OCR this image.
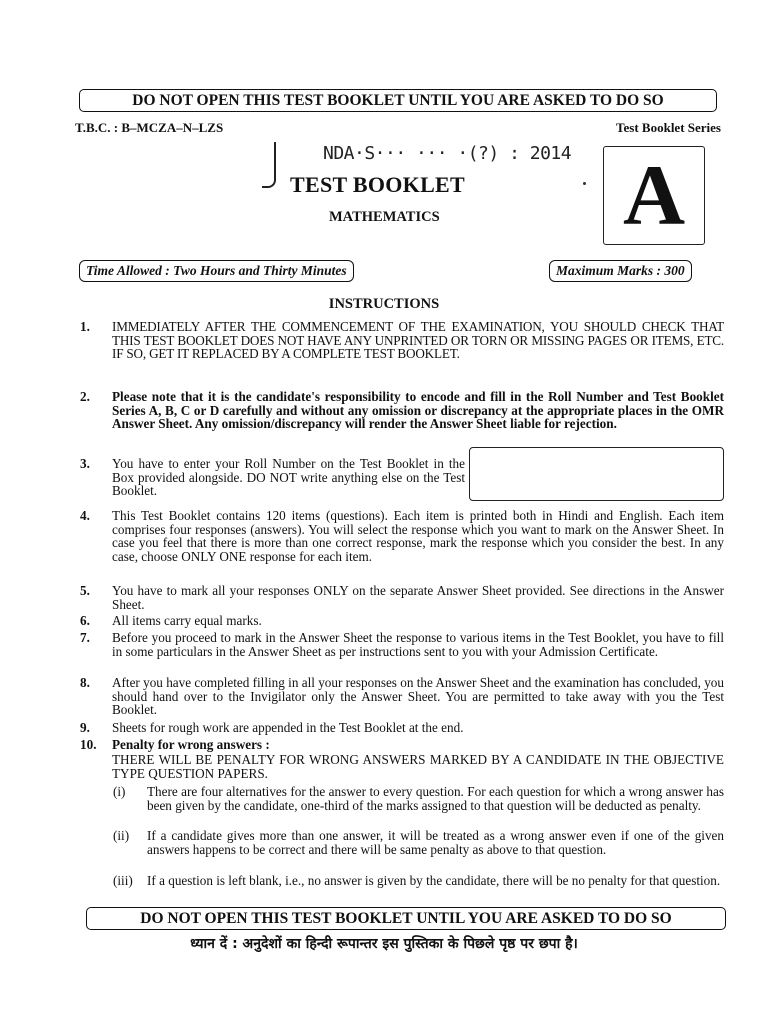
DO NOT OPEN THIS TEST BOOKLET UNTIL YOU ARE ASKED TO DO SO
T.B.C. : B–MCZA–N–LZS	Test Booklet Series
NDA·S··· ··· ·(?) : 2014
TEST BOOKLET
MATHEMATICS A
Time Allowed : Two Hours and Thirty Minutes	Maximum Marks : 300
INSTRUCTIONS
1. IMMEDIATELY AFTER THE COMMENCEMENT OF THE EXAMINATION, YOU SHOULD CHECK THAT THIS TEST BOOKLET DOES NOT HAVE ANY UNPRINTED OR TORN OR MISSING PAGES OR ITEMS, ETC. IF SO, GET IT REPLACED BY A COMPLETE TEST BOOKLET.
2. Please note that it is the candidate's responsibility to encode and fill in the Roll Number and Test Booklet Series A, B, C or D carefully and without any omission or discrepancy at the appropriate places in the OMR Answer Sheet. Any omission/discrepancy will render the Answer Sheet liable for rejection.
3. You have to enter your Roll Number on the Test Booklet in the Box provided alongside. DO NOT write anything else on the Test Booklet.
4. This Test Booklet contains 120 items (questions). Each item is printed both in Hindi and English. Each item comprises four responses (answers). You will select the response which you want to mark on the Answer Sheet. In case you feel that there is more than one correct response, mark the response which you consider the best. In any case, choose ONLY ONE response for each item.
5. You have to mark all your responses ONLY on the separate Answer Sheet provided. See directions in the Answer Sheet.
6. All items carry equal marks.
7. Before you proceed to mark in the Answer Sheet the response to various items in the Test Booklet, you have to fill in some particulars in the Answer Sheet as per instructions sent to you with your Admission Certificate.
8. After you have completed filling in all your responses on the Answer Sheet and the examination has concluded, you should hand over to the Invigilator only the Answer Sheet. You are permitted to take away with you the Test Booklet.
9. Sheets for rough work are appended in the Test Booklet at the end.
10. Penalty for wrong answers :
THERE WILL BE PENALTY FOR WRONG ANSWERS MARKED BY A CANDIDATE IN THE OBJECTIVE TYPE QUESTION PAPERS.
(i) There are four alternatives for the answer to every question. For each question for which a wrong answer has been given by the candidate, one-third of the marks assigned to that question will be deducted as penalty.
(ii) If a candidate gives more than one answer, it will be treated as a wrong answer even if one of the given answers happens to be correct and there will be same penalty as above to that question.
(iii) If a question is left blank, i.e., no answer is given by the candidate, there will be no penalty for that question.
DO NOT OPEN THIS TEST BOOKLET UNTIL YOU ARE ASKED TO DO SO
ध्यान दें : अनुदेशों का हिन्दी रूपान्तर इस पुस्तिका के पिछले पृष्ठ पर छपा है।
